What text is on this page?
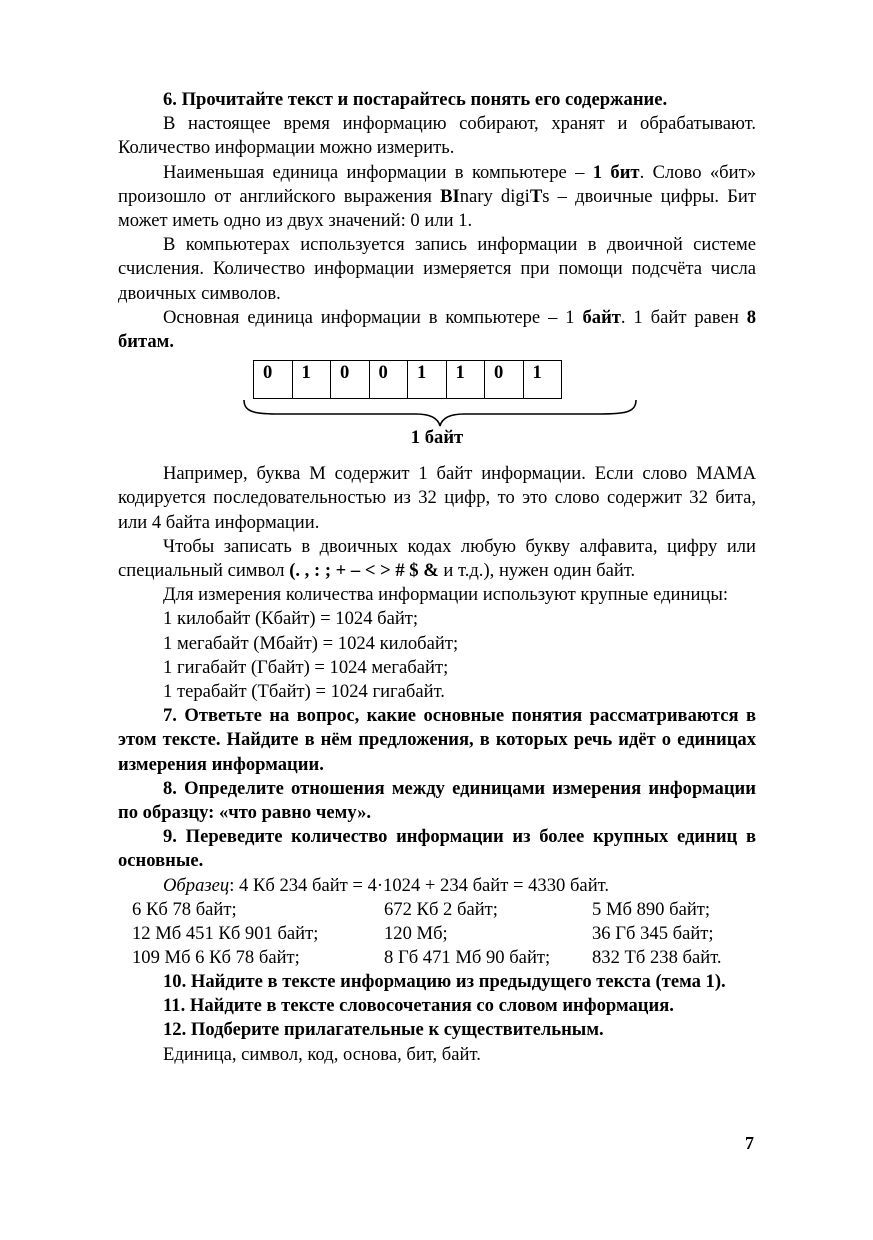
6. Прочитайте текст и постарайтесь понять его содержание.

В настоящее время информацию собирают, хранят и обрабатывают. Количество информации можно измерить.

Наименьшая единица информации в компьютере – 1 бит. Слово «бит» произошло от английского выражения BInary digiTs – двоичные цифры. Бит может иметь одно из двух значений: 0 или 1.

В компьютерах используется запись информации в двоичной системе счисления. Количество информации измеряется при помощи подсчёта числа двоичных символов.

Основная единица информации в компьютере – 1 байт. 1 байт равен 8 битам.

0	1	0	0	1	1	0	1
1 байт

Например, буква М содержит 1 байт информации. Если слово МАМА кодируется последовательностью из 32 цифр, то это слово содержит 32 бита, или 4 байта информации.

Чтобы записать в двоичных кодах любую букву алфавита, цифру или специальный символ (. , : ; + – < > # $ & и т.д.), нужен один байт.

Для измерения количества информации используют крупные единицы:

1 килобайт (Кбайт) = 1024 байт;

1 мегабайт (Мбайт) = 1024 килобайт;

1 гигабайт (Гбайт) = 1024 мегабайт;

1 терабайт (Тбайт) = 1024 гигабайт.

7. Ответьте на вопрос, какие основные понятия рассматриваются в этом тексте. Найдите в нём предложения, в которых речь идёт о единицах измерения информации.

8. Определите отношения между единицами измерения информации по образцу: «что равно чему».

9. Переведите количество информации из более крупных единиц в основные.

Образец: 4 Кб 234 байт = 4·1024 + 234 байт = 4330 байт.

6 Кб 78 байт;	672 Кб 2 байт;	5 Мб 890 байт;
12 Мб 451 Кб 901 байт;	120 Мб;	36 Гб 345 байт;
109 Мб 6 Кб 78 байт;	8 Гб 471 Мб 90 байт; 832 Тб 238 байт.

10. Найдите в тексте информацию из предыдущего текста (тема 1).

11. Найдите в тексте словосочетания со словом информация.

12. Подберите прилагательные к существительным.

Единица, символ, код, основа, бит, байт.

7
